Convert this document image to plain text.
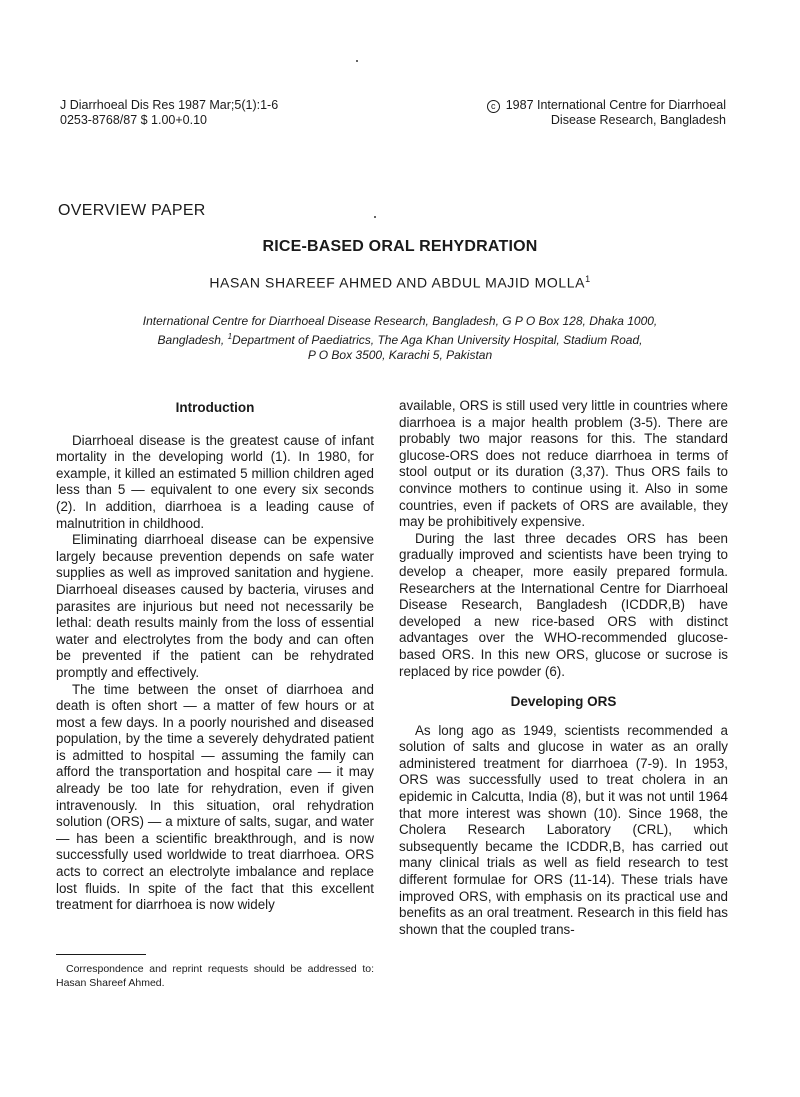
J Diarrhoeal Dis Res 1987 Mar;5(1):1-6
0253-8768/87 $ 1.00+0.10
c 1987 International Centre for Diarrhoeal
Disease Research, Bangladesh
OVERVIEW PAPER
RICE-BASED ORAL REHYDRATION
HASAN SHAREEF AHMED AND ABDUL MAJID MOLLA$^1$
International Centre for Diarrhoeal Disease Research, Bangladesh, G P O Box 128, Dhaka 1000,
Bangladesh, $^1$Department of Paediatrics, The Aga Khan University Hospital, Stadium Road,
P O Box 3500, Karachi 5, Pakistan
Introduction

Diarrhoeal disease is the greatest cause of infant mortality in the developing world (1). In 1980, for example, it killed an estimated 5 million children aged less than 5 — equivalent to one every six seconds (2). In addition, diarrhoea is a leading cause of malnutrition in childhood.

Eliminating diarrhoeal disease can be expensive largely because prevention depends on safe water supplies as well as improved sanitation and hygiene. Diarrhoeal diseases caused by bacteria, viruses and parasites are injurious but need not necessarily be lethal: death results mainly from the loss of essential water and electrolytes from the body and can often be prevented if the patient can be rehydrated promptly and effectively.

The time between the onset of diarrhoea and death is often short — a matter of few hours or at most a few days. In a poorly nourished and diseased population, by the time a severely dehydrated patient is admitted to hospital — assuming the family can afford the transportation and hospital care — it may already be too late for rehydration, even if given intravenously. In this situation, oral rehydration solution (ORS) — a mixture of salts, sugar, and water — has been a scientific breakthrough, and is now successfully used worldwide to treat diarrhoea. ORS acts to correct an electrolyte imbalance and replace lost fluids. In spite of the fact that this excellent treatment for diarrhoea is now widely

available, ORS is still used very little in countries where diarrhoea is a major health problem (3-5). There are probably two major reasons for this. The standard glucose-ORS does not reduce diarrhoea in terms of stool output or its duration (3,37). Thus ORS fails to convince mothers to continue using it. Also in some countries, even if packets of ORS are available, they may be prohibitively expensive.

During the last three decades ORS has been gradually improved and scientists have been trying to develop a cheaper, more easily prepared formula. Researchers at the International Centre for Diarrhoeal Disease Research, Bangladesh (ICDDR,B) have developed a new rice-based ORS with distinct advantages over the WHO-recommended glucose-based ORS. In this new ORS, glucose or sucrose is replaced by rice powder (6).

Developing ORS

As long ago as 1949, scientists recommended a solution of salts and glucose in water as an orally administered treatment for diarrhoea (7-9). In 1953, ORS was successfully used to treat cholera in an epidemic in Calcutta, India (8), but it was not until 1964 that more interest was shown (10). Since 1968, the Cholera Research Laboratory (CRL), which subsequently became the ICDDR,B, has carried out many clinical trials as well as field research to test different formulae for ORS (11-14). These trials have improved ORS, with emphasis on its practical use and benefits as an oral treatment. Research in this field has shown that the coupled trans-

Correspondence and reprint requests should be addressed to: Hasan Shareef Ahmed.
